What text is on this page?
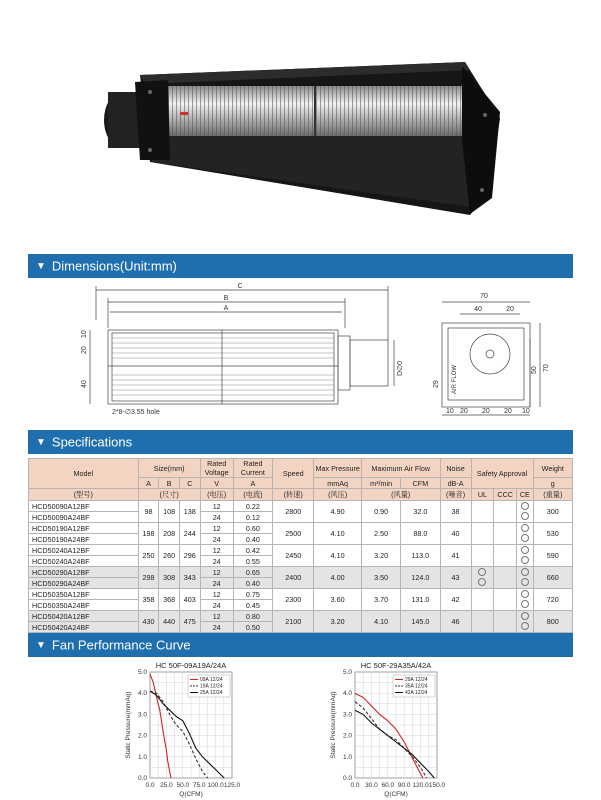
▼ Dimensions(Unit:mm)
C
B
A
10
20
40
2*8-∅3.55 hole
D∅0
70
40	20
50 70
29 AIR FLOW
10 20 20 20 10
▼ Specifications
Model	Size(mm)			Rated Voltage	Rated Current	Speed	Max Pressure	Maximum Air Flow		Noise	Safety Approval			Weight
	A	B	C	V	A		mmAq	m³/min	CFM	dB-A				g
(型号)	(尺寸)			(电压)	(电流)	(转速)	(风压)	(风量)		(噪音)	UL	CCC	CE	(重量)
HCD50090A12BF	98	108	138	12	0.22	2800	4.90	0.90	32.0	38				300
HCD50090A24BF				24	0.12									
HCD50190A12BF	198	208	244	12	0.60	2500	4.10	2.50	88.0	40				530
HCD50190A24BF				24	0.40									
HCD50240A12BF	250	260	296	12	0.42	2450	4.10	3.20	113.0	41				590
HCD50240A24BF				24	0.55									
HCD50290A12BF	298	308	343	12	0.65	2400	4.00	3.50	124.0	43				660
HCD50290A24BF				24	0.40									
HCD50350A12BF	358	368	403	12	0.75	2300	3.60	3.70	131.0	42				720
HCD50350A24BF				24	0.45									
HCD50420A12BF	430	440	475	12	0.80	2100	3.20	4.10	145.0	46				800
HCD50420A24BF				24	0.50									
▼ Fan Performance Curve
HC 50F-09A19A/24A
0.0 25.0 50.0 75.0 100.0 125.0
0.0
1.0
2.0
3.0
4.0
5.0
Q(CFM)
Static Pressure(mmAq)
09A 12/24
19A 12/24
25A 12/24
HC 50F-29A35A/42A
0.0 30.0 60.0 90.0 120.0 150.0
0.0
1.0
2.0
3.0
4.0
5.0
Q(CFM)
Static Pressure(mmAq)
29A 12/24
35A 12/24
42A 12/24
